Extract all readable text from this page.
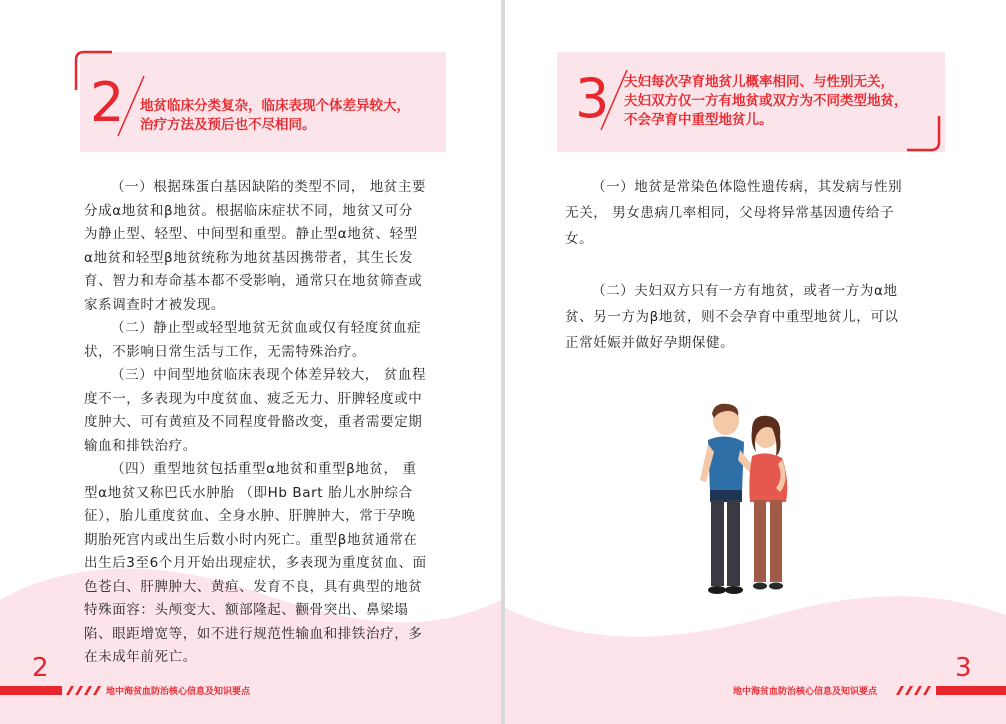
2 地贫临床分类复杂，临床表现个体差异较大，
治疗方法及预后也不尽相同。
（一）根据珠蛋白基因缺陷的类型不同， 地贫主要
分成α地贫和β地贫。根据临床症状不同，地贫又可分
为静止型、轻型、中间型和重型。静止型α地贫、轻型
α地贫和轻型β地贫统称为地贫基因携带者，其生长发
育、智力和寿命基本都不受影响，通常只在地贫筛查或
家系调查时才被发现。
（二）静止型或轻型地贫无贫血或仅有轻度贫血症
状，不影响日常生活与工作，无需特殊治疗。
（三）中间型地贫临床表现个体差异较大， 贫血程
度不一，多表现为中度贫血、疲乏无力、肝脾轻度或中
度肿大、可有黄疸及不同程度骨骼改变，重者需要定期
输血和排铁治疗。
（四）重型地贫包括重型α地贫和重型β地贫， 重
型α地贫又称巴氏水肿胎 （即Hb Bart 胎儿水肿综合
征），胎儿重度贫血、全身水肿、肝脾肿大，常于孕晚
期胎死宫内或出生后数小时内死亡。重型β地贫通常在
出生后3至6个月开始出现症状，多表现为重度贫血、面
色苍白、肝脾肿大、黄疸、发育不良，具有典型的地贫
特殊面容：头颅变大、额部隆起、颧骨突出、鼻梁塌
陷、眼距增宽等，如不进行规范性输血和排铁治疗，多
在未成年前死亡。
2
地中海贫血防治核心信息及知识要点
3 夫妇每次孕育地贫儿概率相同、与性别无关，
夫妇双方仅一方有地贫或双方为不同类型地贫，
不会孕育中重型地贫儿。
（一）地贫是常染色体隐性遗传病，其发病与性别
无关， 男女患病几率相同，父母将异常基因遗传给子
女。
（二）夫妇双方只有一方有地贫，或者一方为α地
贫、另一方为β地贫，则不会孕育中重型地贫儿，可以
正常妊娠并做好孕期保健。
3
地中海贫血防治核心信息及知识要点
